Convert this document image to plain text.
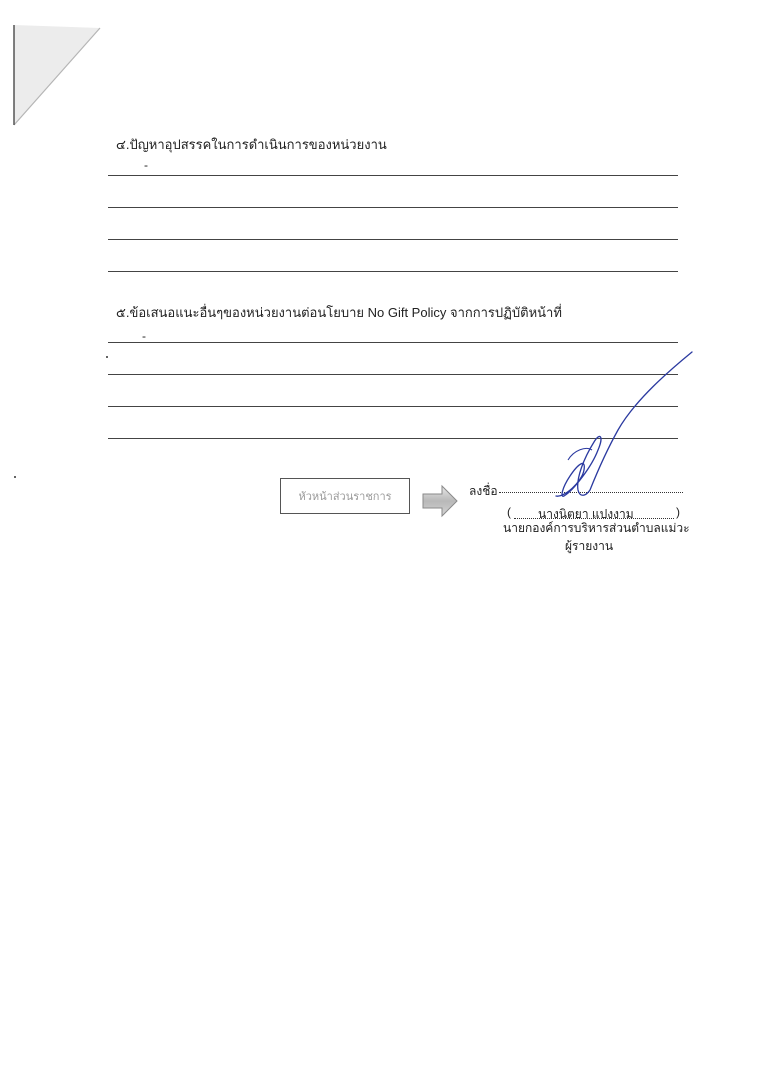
๔.ปัญหาอุปสรรคในการดำเนินการของหน่วยงาน
-
๕.ข้อเสนอแนะอื่นๆของหน่วยงานต่อนโยบาย No Gift Policy จากการปฏิบัติหน้าที่
-
หัวหน้าส่วนราชการ	ลงชื่อ
( นางนิตยา แปงงาม	)
นายกองค์การบริหารส่วนตำบลแม่วะ
ผู้รายงาน
